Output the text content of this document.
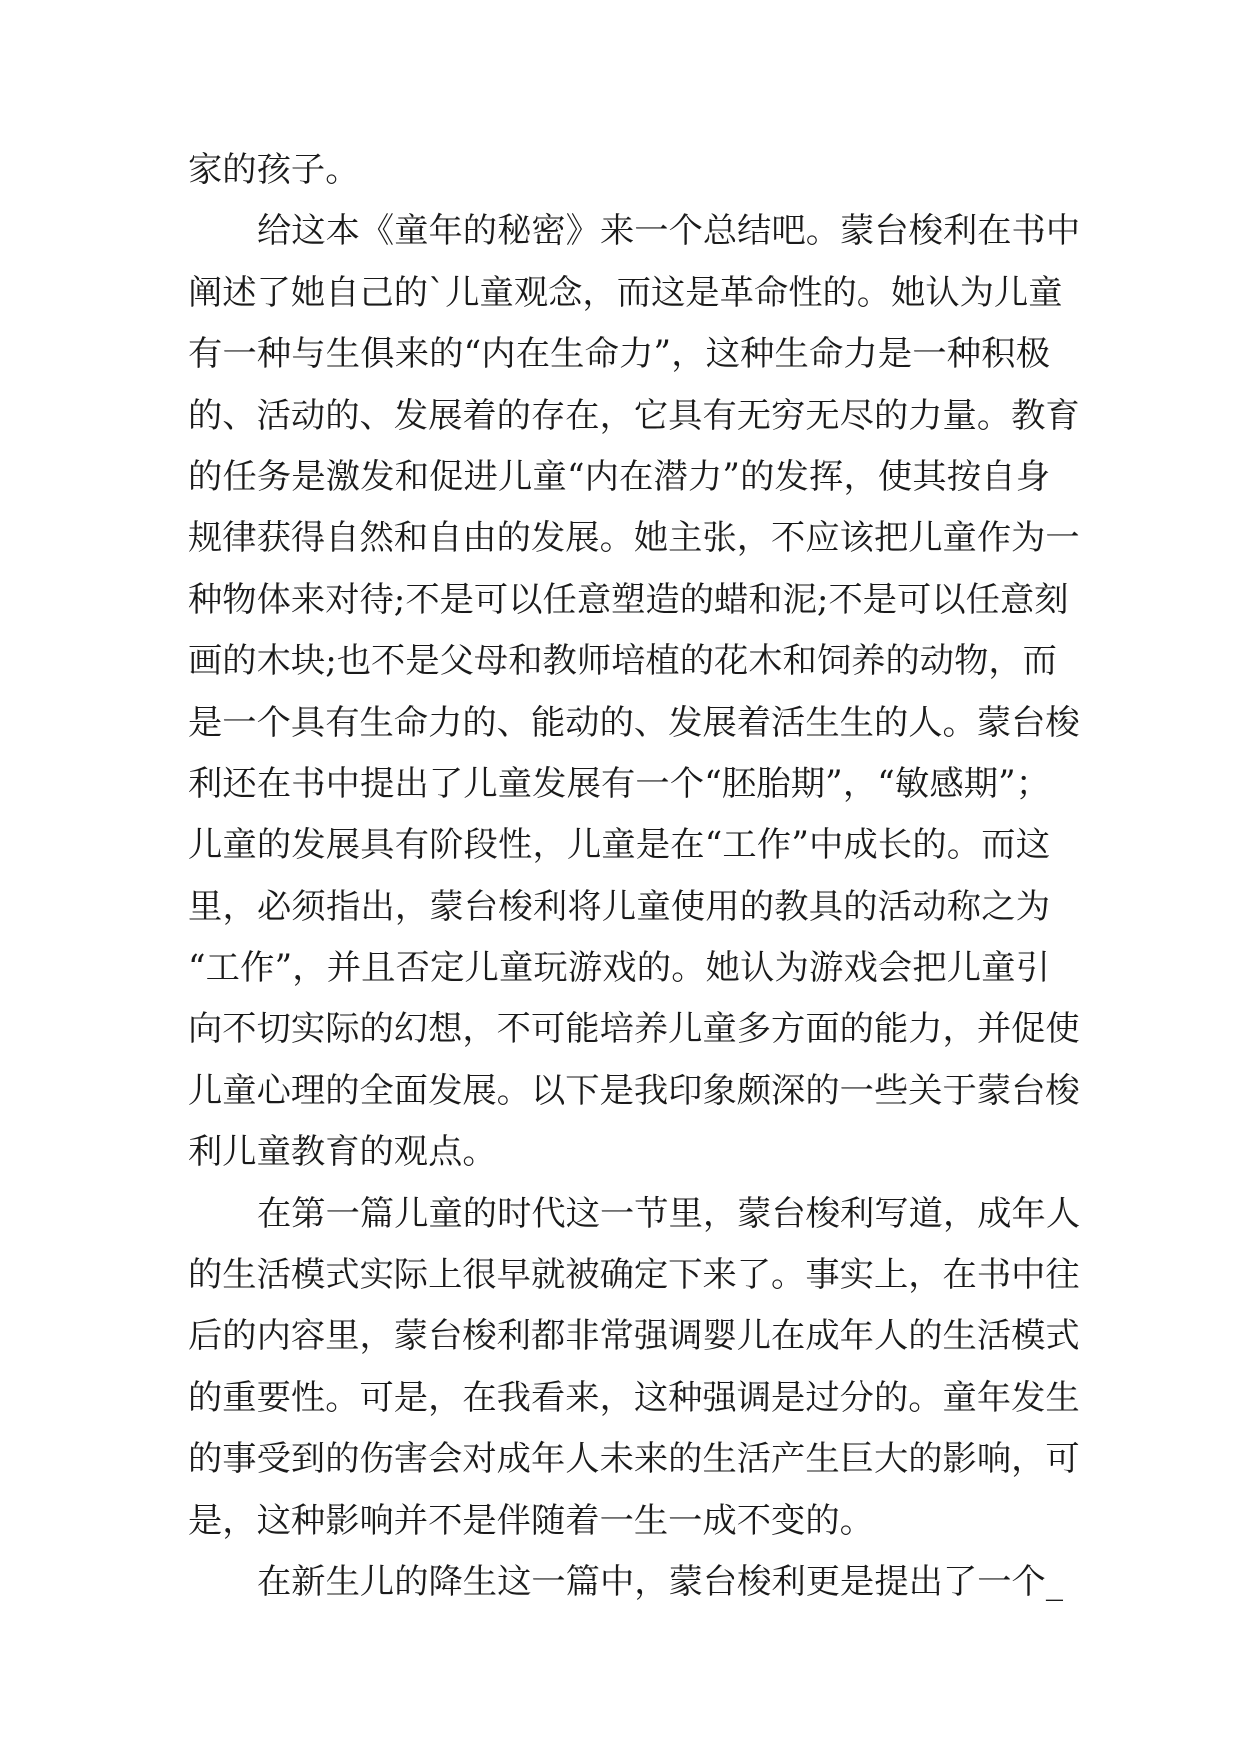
家的孩子。
给这本《童年的秘密》来一个总结吧。蒙台梭利在书中
阐述了她自己的`儿童观念，而这是革命性的。她认为儿童
有一种与生俱来的“内在生命力”，这种生命力是一种积极
的、活动的、发展着的存在，它具有无穷无尽的力量。教育
的任务是激发和促进儿童“内在潜力”的发挥，使其按自身
规律获得自然和自由的发展。她主张，不应该把儿童作为一
种物体来对待;不是可以任意塑造的蜡和泥;不是可以任意刻
画的木块;也不是父母和教师培植的花木和饲养的动物，而
是一个具有生命力的、能动的、发展着活生生的人。蒙台梭
利还在书中提出了儿童发展有一个“胚胎期”，“敏感期”；
儿童的发展具有阶段性，儿童是在“工作”中成长的。而这
里，必须指出，蒙台梭利将儿童使用的教具的活动称之为
“工作”，并且否定儿童玩游戏的。她认为游戏会把儿童引
向不切实际的幻想，不可能培养儿童多方面的能力，并促使
儿童心理的全面发展。以下是我印象颇深的一些关于蒙台梭
利儿童教育的观点。
在第一篇儿童的时代这一节里，蒙台梭利写道，成年人
的生活模式实际上很早就被确定下来了。事实上，在书中往
后的内容里，蒙台梭利都非常强调婴儿在成年人的生活模式
的重要性。可是，在我看来，这种强调是过分的。童年发生
的事受到的伤害会对成年人未来的生活产生巨大的影响，可
是，这种影响并不是伴随着一生一成不变的。
在新生儿的降生这一篇中，蒙台梭利更是提出了一个_
